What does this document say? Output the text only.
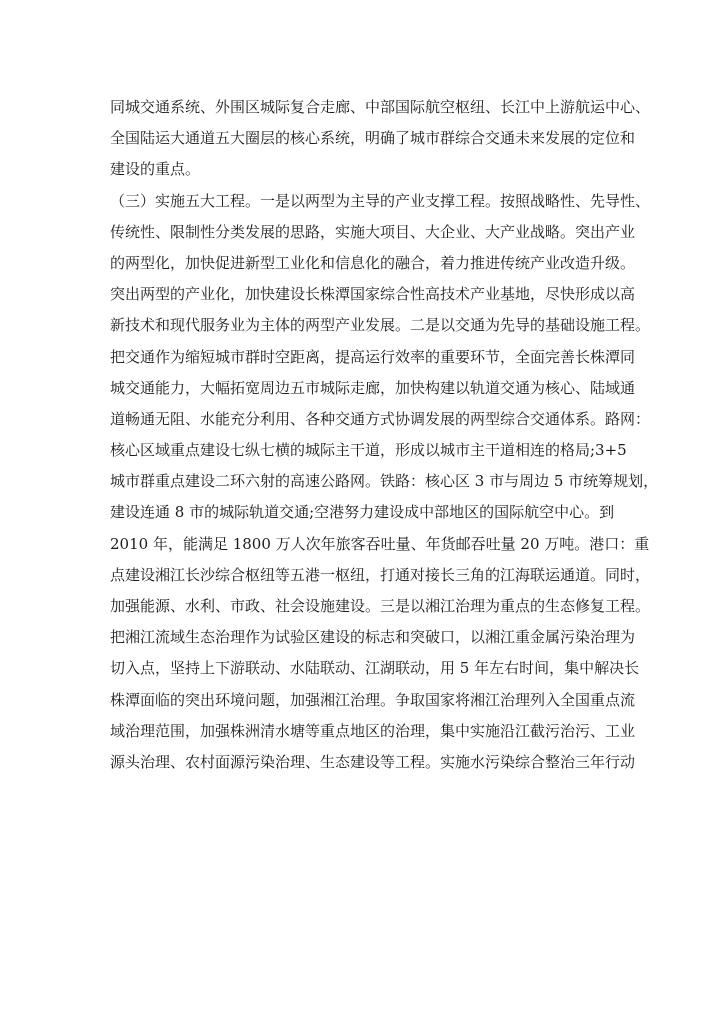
同城交通系统、外围区城际复合走廊、中部国际航空枢纽、长江中上游航运中心、
全国陆运大通道五大圈层的核心系统，明确了城市群综合交通未来发展的定位和
建设的重点。
（三）实施五大工程。一是以两型为主导的产业支撑工程。按照战略性、先导性、
传统性、限制性分类发展的思路，实施大项目、大企业、大产业战略。突出产业
的两型化，加快促进新型工业化和信息化的融合，着力推进传统产业改造升级。
突出两型的产业化，加快建设长株潭国家综合性高技术产业基地，尽快形成以高
新技术和现代服务业为主体的两型产业发展。二是以交通为先导的基础设施工程。
把交通作为缩短城市群时空距离，提高运行效率的重要环节，全面完善长株潭同
城交通能力，大幅拓宽周边五市城际走廊，加快构建以轨道交通为核心、陆域通
道畅通无阻、水能充分利用、各种交通方式协调发展的两型综合交通体系。路网：
核心区域重点建设七纵七横的城际主干道，形成以城市主干道相连的格局;3+5
城市群重点建设二环六射的高速公路网。铁路：核心区 3 市与周边 5 市统筹规划，
建设连通 8 市的城际轨道交通;空港努力建设成中部地区的国际航空中心。到
2010 年，能满足 1800 万人次年旅客吞吐量、年货邮吞吐量 20 万吨。港口：重
点建设湘江长沙综合枢纽等五港一枢纽，打通对接长三角的江海联运通道。同时，
加强能源、水利、市政、社会设施建设。三是以湘江治理为重点的生态修复工程。
把湘江流域生态治理作为试验区建设的标志和突破口，以湘江重金属污染治理为
切入点，坚持上下游联动、水陆联动、江湖联动，用 5 年左右时间，集中解决长
株潭面临的突出环境问题，加强湘江治理。争取国家将湘江治理列入全国重点流
域治理范围，加强株洲清水塘等重点地区的治理，集中实施沿江截污治污、工业
源头治理、农村面源污染治理、生态建设等工程。实施水污染综合整治三年行动
